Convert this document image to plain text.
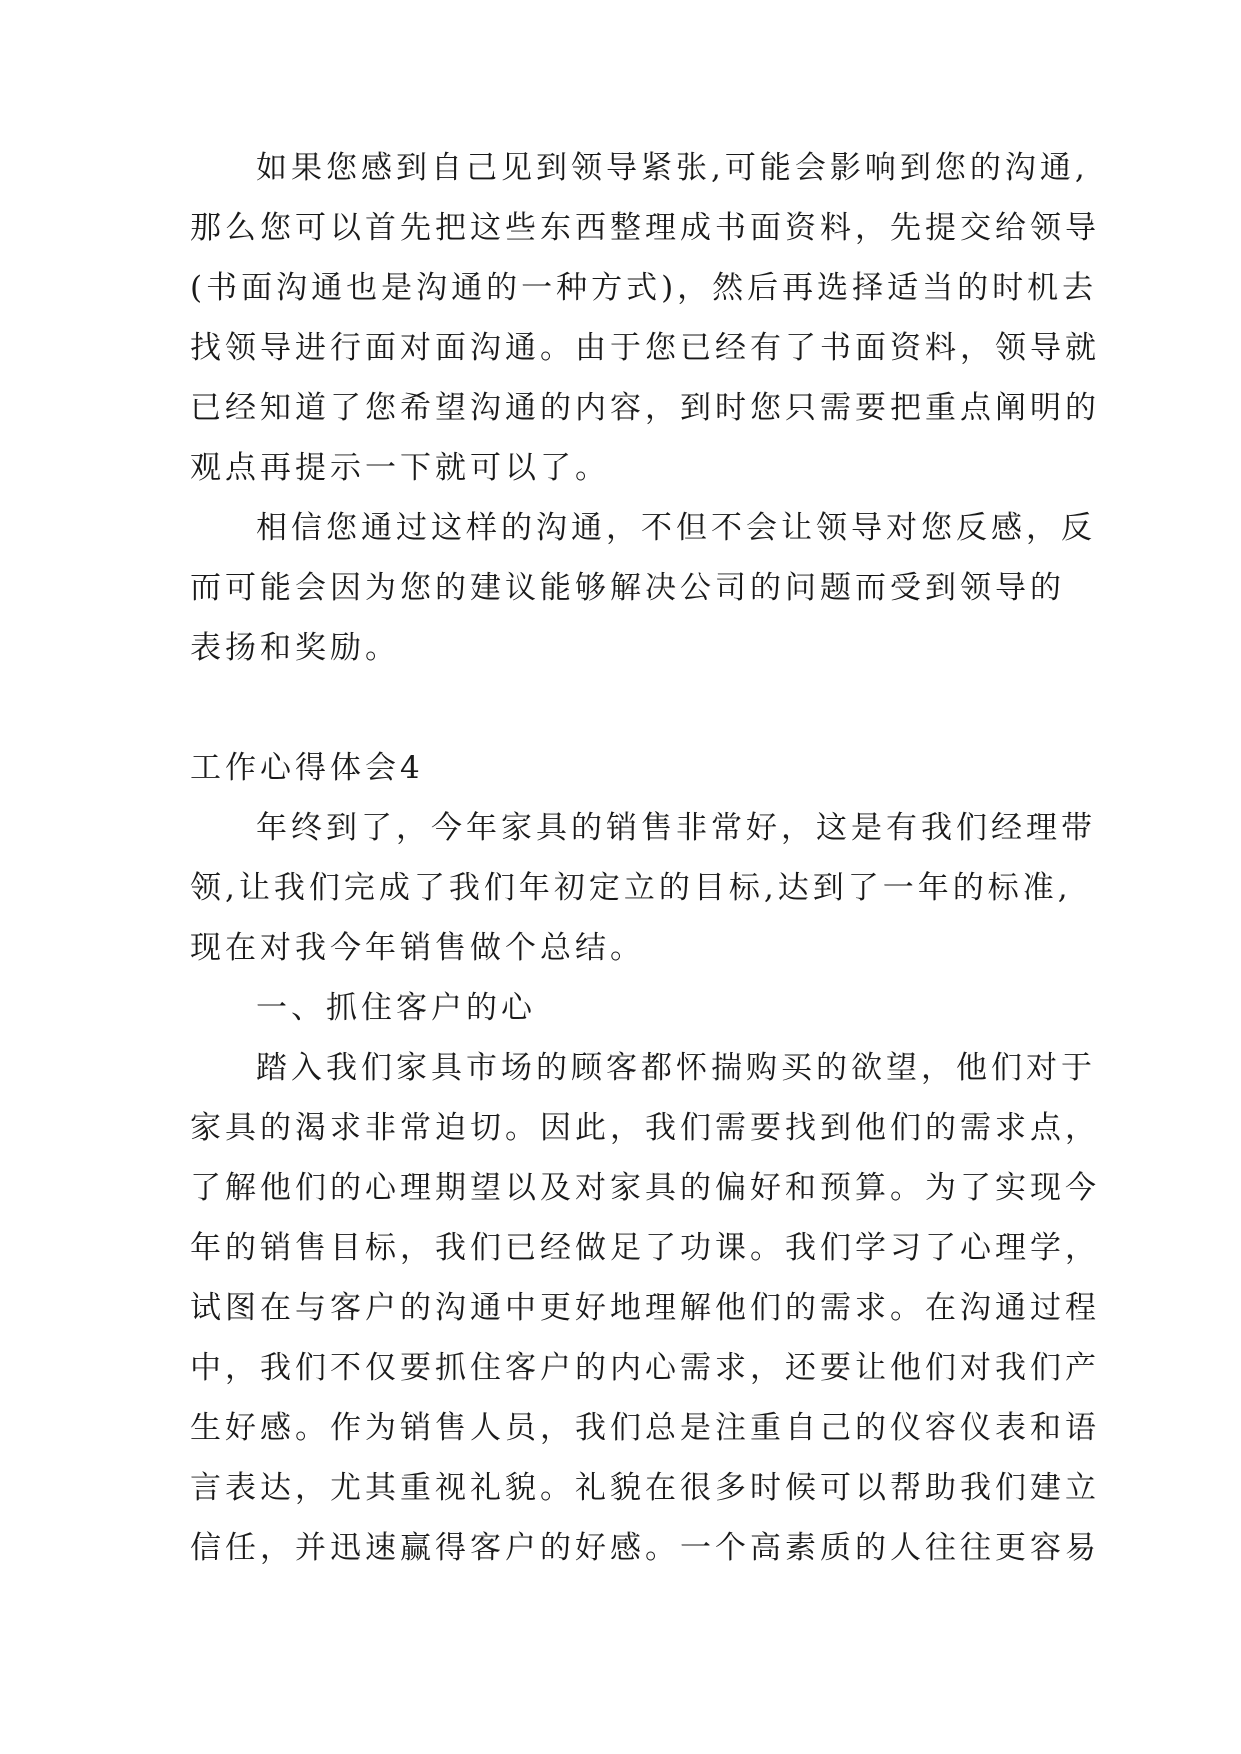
如果您感到自己见到领导紧张,可能会影响到您的沟通,
那么您可以首先把这些东西整理成书面资料，先提交给领导
(书面沟通也是沟通的一种方式)，然后再选择适当的时机去
找领导进行面对面沟通。由于您已经有了书面资料，领导就
已经知道了您希望沟通的内容，到时您只需要把重点阐明的
观点再提示一下就可以了。
相信您通过这样的沟通，不但不会让领导对您反感，反
而可能会因为您的建议能够解决公司的问题而受到领导的
表扬和奖励。
工作心得体会4
年终到了，今年家具的销售非常好，这是有我们经理带
领,让我们完成了我们年初定立的目标,达到了一年的标准,
现在对我今年销售做个总结。
一、抓住客户的心
踏入我们家具市场的顾客都怀揣购买的欲望，他们对于
家具的渴求非常迫切。因此，我们需要找到他们的需求点，
了解他们的心理期望以及对家具的偏好和预算。为了实现今
年的销售目标，我们已经做足了功课。我们学习了心理学，
试图在与客户的沟通中更好地理解他们的需求。在沟通过程
中，我们不仅要抓住客户的内心需求，还要让他们对我们产
生好感。作为销售人员，我们总是注重自己的仪容仪表和语
言表达，尤其重视礼貌。礼貌在很多时候可以帮助我们建立
信任，并迅速赢得客户的好感。一个高素质的人往往更容易
